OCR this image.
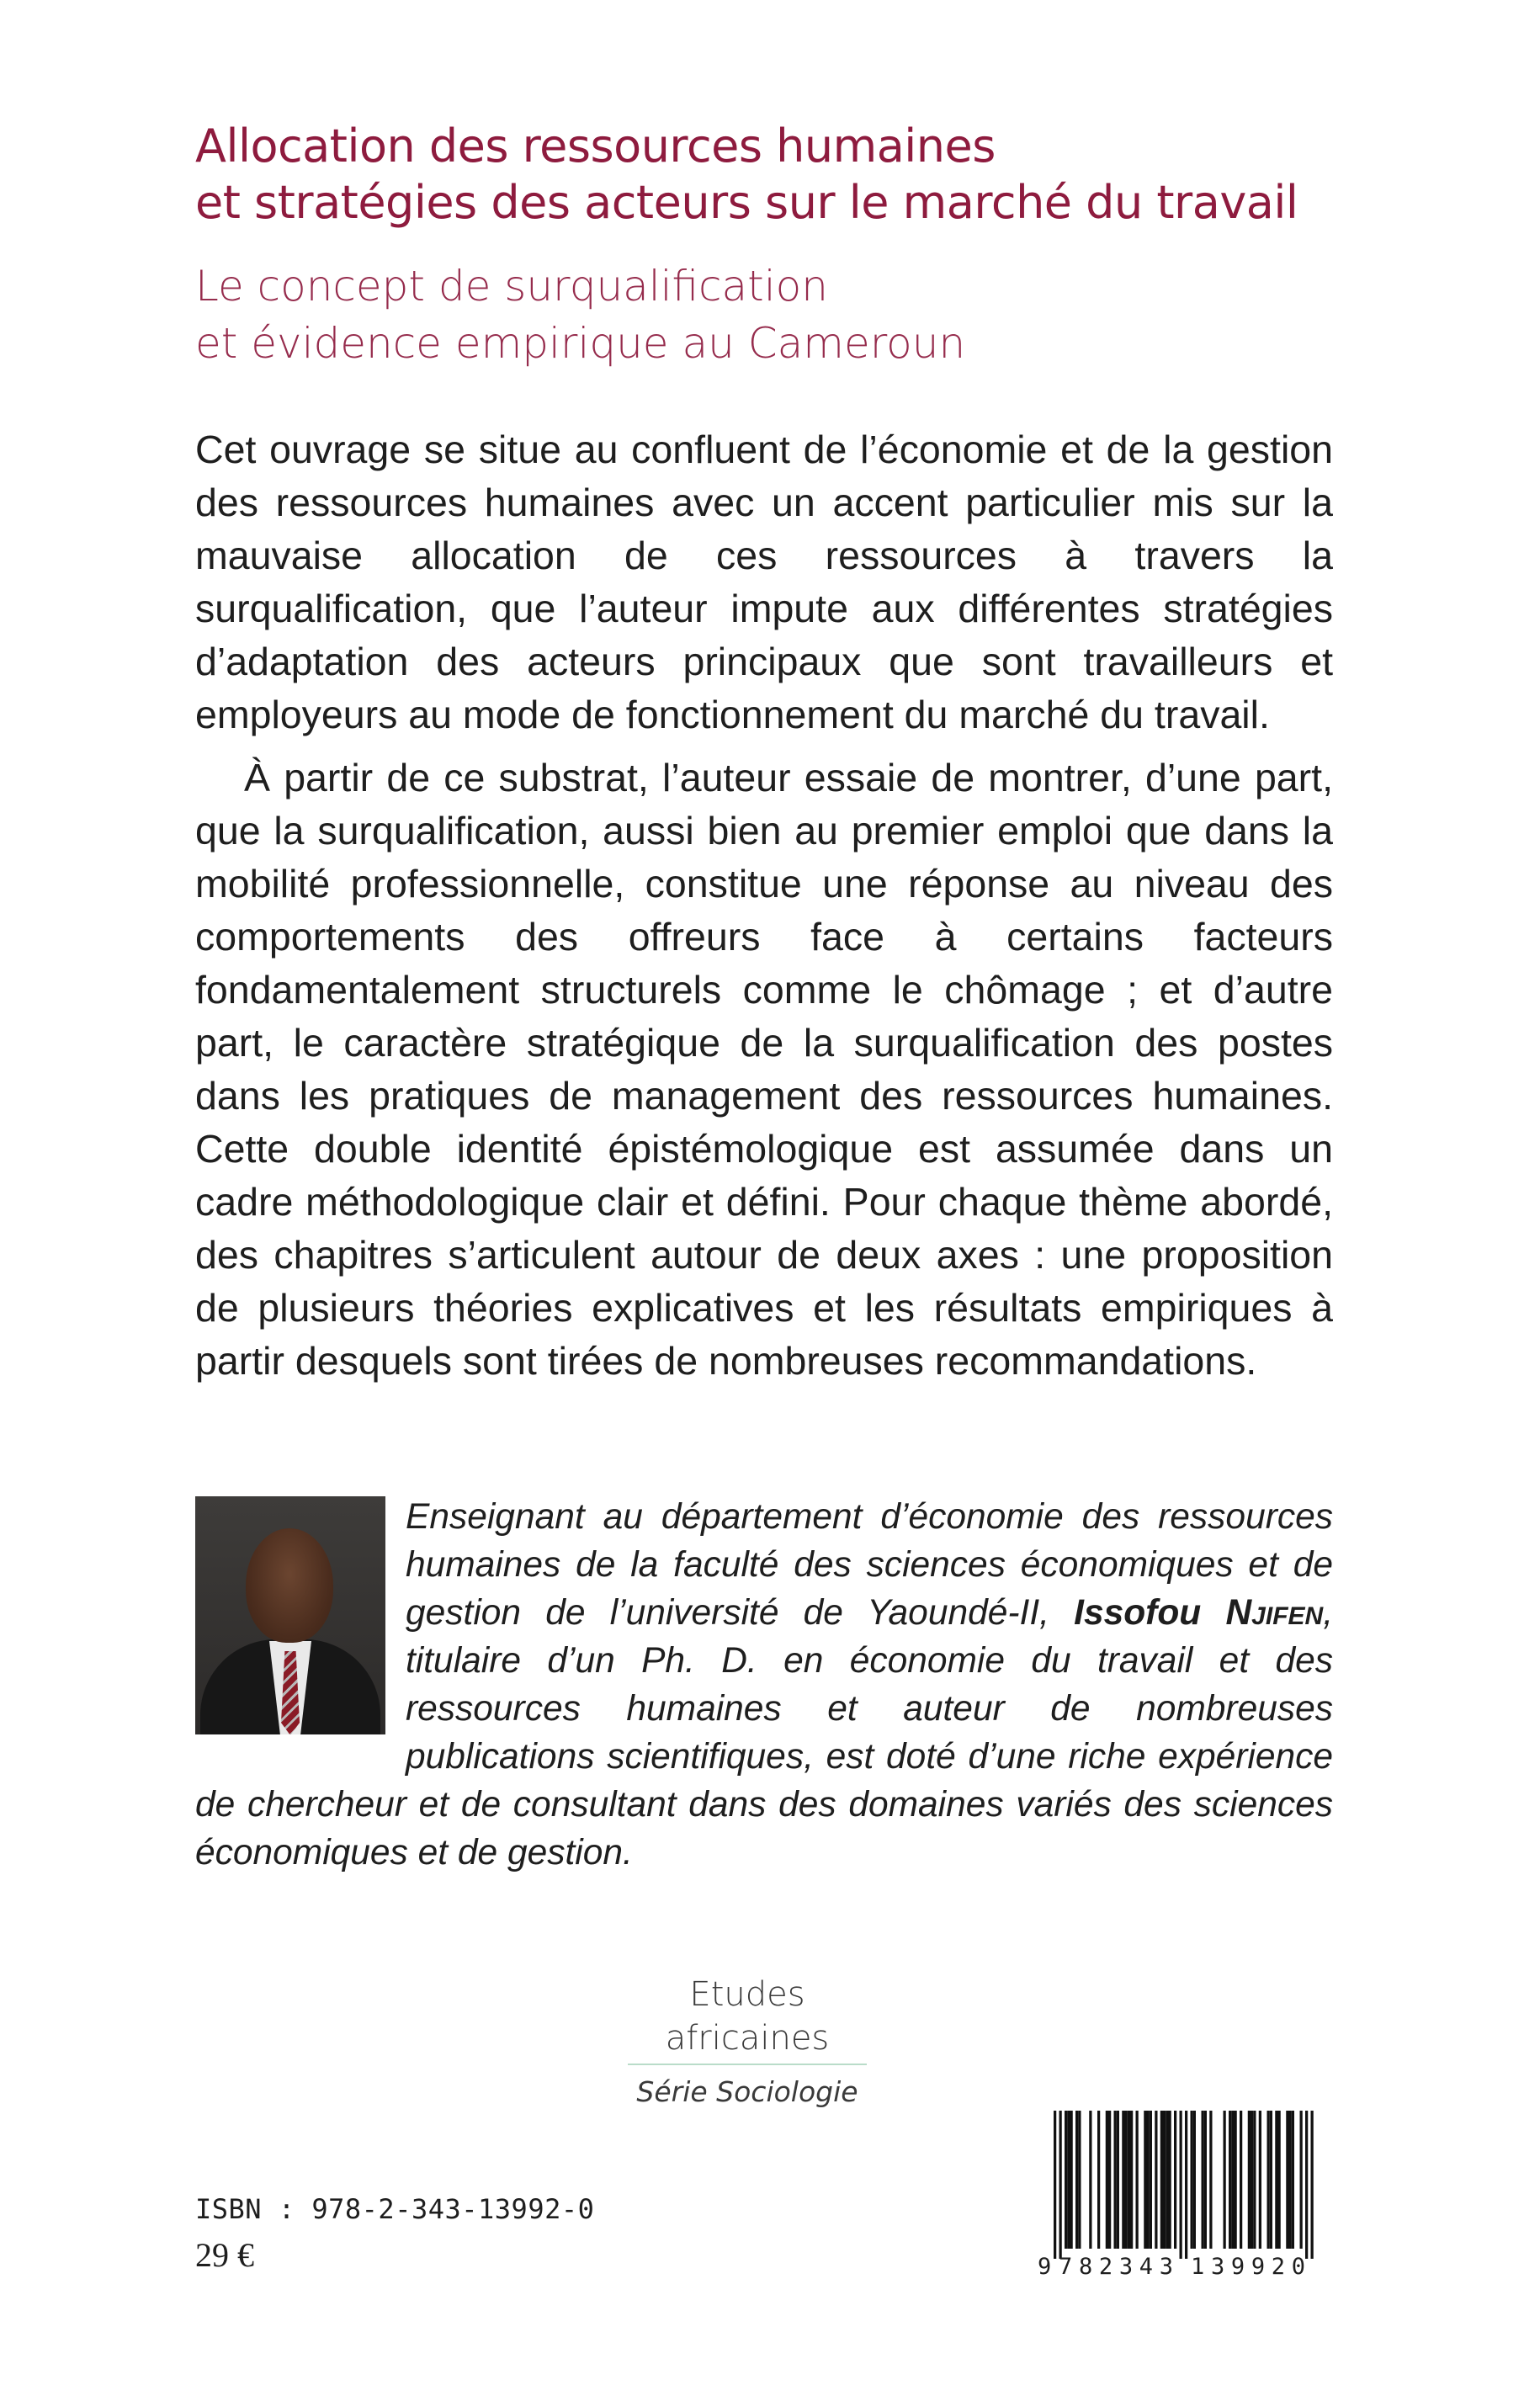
Allocation des ressources humaines
et stratégies des acteurs sur le marché du travail
Le concept de surqualification
et évidence empirique au Cameroun

Cet ouvrage se situe au confluent de l’économie et de la gestion des ressources humaines avec un accent particulier mis sur la mauvaise allocation de ces ressources à travers la surqualification, que l’auteur impute aux différentes stratégies d’adaptation des acteurs principaux que sont travailleurs et employeurs au mode de fonctionnement du marché du travail.

À partir de ce substrat, l’auteur essaie de montrer, d’une part, que la surqualification, aussi bien au premier emploi que dans la mobilité professionnelle, constitue une réponse au niveau des comportements des offreurs face à certains facteurs fondamentalement structurels comme le chômage ; et d’autre part, le caractère stratégique de la surqualification des postes dans les pratiques de management des ressources humaines. Cette double identité épistémologique est assumée dans un cadre méthodologique clair et défini. Pour chaque thème abordé, des chapitres s’articulent autour de deux axes : une proposition de plusieurs théories explicatives et les résultats empiriques à partir desquels sont tirées de nombreuses recommandations.

Enseignant au département d’économie des ressources humaines de la faculté des sciences économiques et de gestion de l’université de Yaoundé-II, Issofou Njifen, titulaire d’un Ph. D. en économie du travail et des ressources humaines et auteur de nombreuses publications scientifiques, est doté d’une riche expérience de chercheur et de consultant dans des domaines variés des sciences économiques et de gestion.
Etudes africaines
Série Sociologie
ISBN : 978-2-343-13992-0
29 €	9 782343 139920
